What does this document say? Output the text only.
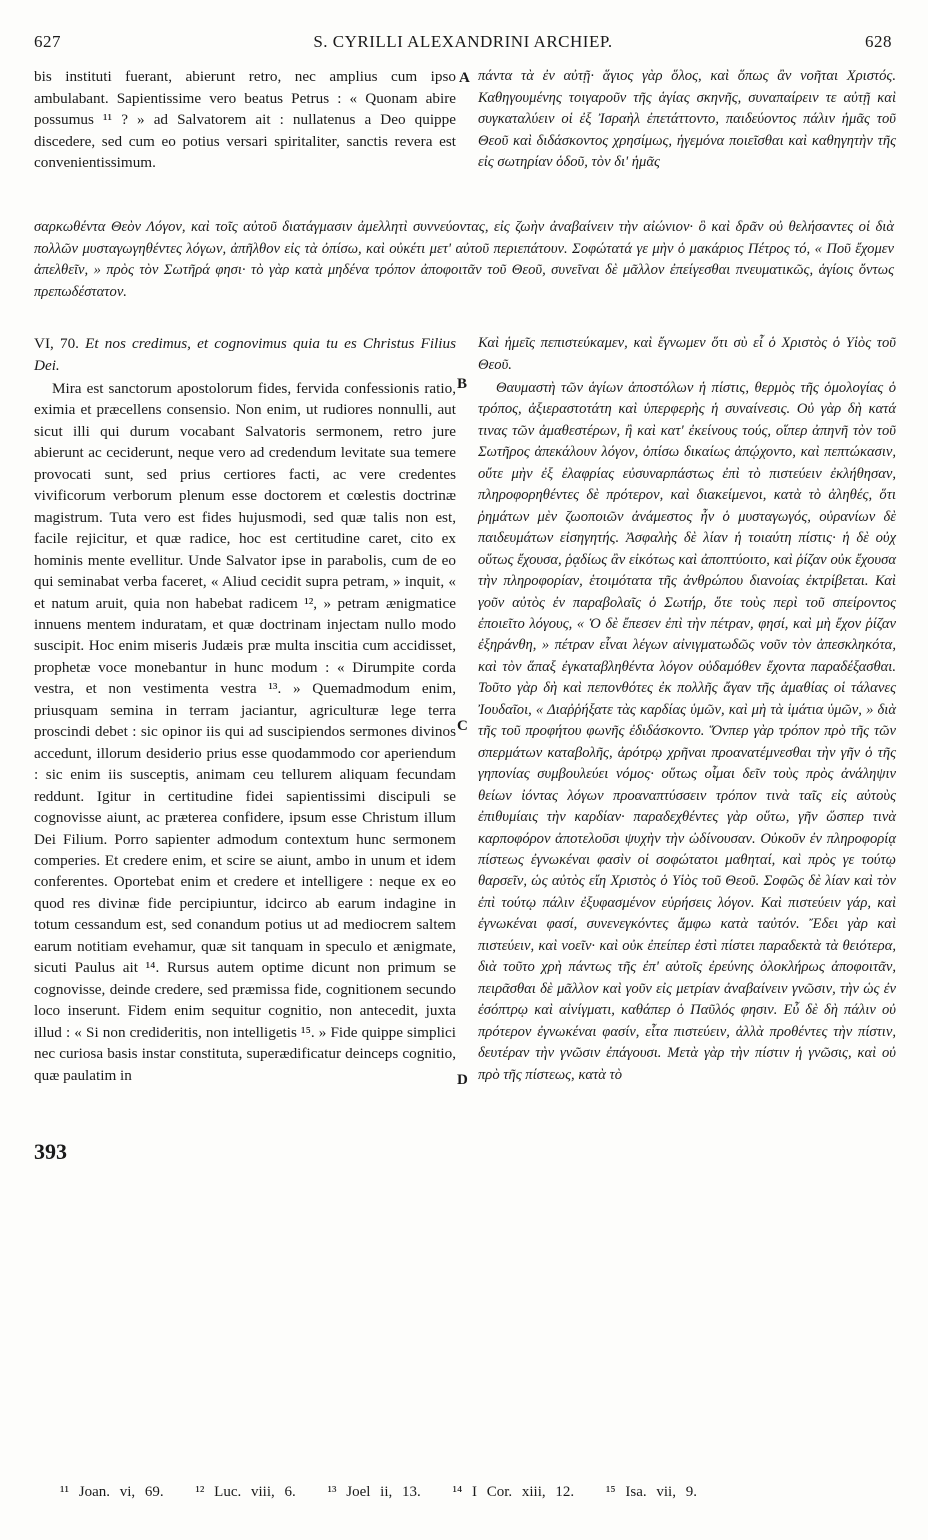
627	S. CYRILLI ALEXANDRINI ARCHIEP.	628

bis instituti fuerant, abierunt retro, nec amplius cum ipso ambulabant. Sapientissime vero beatus Petrus : « Quonam abire possumus ¹¹ ? » ad Salvatorem ait : nullatenus a Deo quippe discedere, sed cum eo potius versari spiritaliter, sanctis revera est convenientissimum.

A πάντα τὰ ἐν αὐτῇ· ἅγιος γὰρ ὅλος, καὶ ὅπως ἂν νοῆται Χριστός. Καθηγουμένης τοιγαροῦν τῆς ἁγίας σκηνῆς, συναπαίρειν τε αὐτῇ καὶ συγκαταλύειν οἱ ἐξ Ἰσραὴλ ἐπετάττοντο, παιδεύοντος πάλιν ἡμᾶς τοῦ Θεοῦ καὶ διδάσκοντος χρησίμως, ἡγεμόνα ποιεῖσθαι καὶ καθηγητὴν τῆς εἰς σωτηρίαν ὁδοῦ, τὸν δι' ἡμᾶς

σαρκωθέντα Θεὸν Λόγον, καὶ τοῖς αὐτοῦ διατάγμασιν ἀμελλητὶ συννεύοντας, εἰς ζωὴν ἀναβαίνειν τὴν αἰώνιον· ὃ καὶ δρᾶν οὐ θελήσαντες οἱ διὰ πολλῶν μυσταγωγηθέντες λόγων, ἀπῆλθον εἰς τὰ ὀπίσω, καὶ οὐκέτι μετ' αὐτοῦ περιεπάτουν. Σοφώτατά γε μὴν ὁ μακάριος Πέτρος τό, « Ποῦ ἔχομεν ἀπελθεῖν, » πρὸς τὸν Σωτῆρά φησι· τὸ γὰρ κατὰ μηδένα τρόπον ἀποφοιτᾶν τοῦ Θεοῦ, συνεῖναι δὲ μᾶλλον ἐπείγεσθαι πνευματικῶς, ἁγίοις ὄντως πρεπωδέστατον.

VI, 70. Et nos credimus, et cognovimus quia tu es Christus Filius Dei.

Καὶ ἡμεῖς πεπιστεύκαμεν, καὶ ἔγνωμεν ὅτι σὺ εἶ ὁ Χριστὸς ὁ Υἱὸς τοῦ Θεοῦ.

B

Mira est sanctorum apostolorum fides, fervida confessionis ratio, eximia et præcellens consensio. Non enim, ut rudiores nonnulli, aut sicut illi qui durum vocabant Salvatoris sermonem, retro jure abierunt ac ceciderunt, neque vero ad credendum levitate sua temere provocati sunt, sed prius certiores facti, ac vere credentes vivificorum verborum plenum esse doctorem et cœlestis doctrinæ magistrum. Tuta vero est fides hujusmodi, sed quæ talis non est, facile rejicitur, et quæ radice, hoc est certitudine caret, cito ex hominis mente evellitur. Unde Salvator ipse in parabolis, cum de eo qui seminabat verba faceret, « Aliud cecidit supra petram, » inquit, « et natum aruit, quia non habebat radicem ¹², » petram ænigmatice innuens mentem induratam, et quæ doctrinam injectam nullo modo suscipit. Hoc enim miseris Judæis præ multa inscitia cum accidisset, prophetæ voce monebantur in hunc modum : « Dirumpite corda vestra, et non vestimenta vestra ¹³. » Quemadmodum enim, priusquam semina in terram jaciantur, agriculturæ lege terra proscindi debet : sic opinor iis qui ad suscipiendos sermones divinos accedunt, illorum desiderio prius esse quodammodo cor aperiendum : sic enim iis susceptis, animam ceu tellurem aliquam fecundam reddunt. Igitur in certitudine fidei sapientissimi discipuli se cognovisse aiunt, ac præterea confidere, ipsum esse Christum illum Dei Filium. Porro sapienter admodum contextum hunc sermonem comperies. Et credere enim, et scire se aiunt, ambo in unum et idem conferentes. Oportebat enim et credere et intelligere : neque ex eo quod res divinæ fide percipiuntur, idcirco ab earum indagine in totum cessandum est, sed conandum potius ut ad mediocrem saltem earum notitiam evehamur, quæ sit tanquam in speculo et ænigmate, sicuti Paulus ait ¹⁴. Rursus autem optime dicunt non primum se cognovisse, deinde credere, sed præmissa fide, cognitionem secundo loco inserunt. Fidem enim sequitur cognitio, non antecedit, juxta illud : « Si non credideritis, non intelligetis ¹⁵. » Fide quippe simplici nec curiosa basis instar constituta, superædificatur deinceps cognitio, quæ paulatim in

Θαυμαστὴ τῶν ἁγίων ἀποστόλων ἡ πίστις, θερμὸς τῆς ὁμολογίας ὁ τρόπος, ἀξιεραστοτάτη καὶ ὑπερφερὴς ἡ συναίνεσις. Οὐ γὰρ δὴ κατά τινας τῶν ἀμαθεστέρων, ἢ καὶ κατ' ἐκείνους τούς, οἵπερ ἀπηνῆ τὸν τοῦ Σωτῆρος ἀπεκάλουν λόγον, ὀπίσω δικαίως ἀπῴχοντο, καὶ πεπτώκασιν, οὔτε μὴν ἐξ ἐλαφρίας εὐσυναρπάστως ἐπὶ τὸ πιστεύειν ἐκλήθησαν, πληροφορηθέντες δὲ πρότερον, καὶ διακείμενοι, κατὰ τὸ ἀληθές, ὅτι ῥημάτων μὲν ζωοποιῶν ἀνάμεστος ἦν ὁ μυσταγωγός, οὐρανίων δὲ παιδευμάτων εἰσηγητής. Ἀσφαλὴς δὲ λίαν ἡ τοιαύτη πίστις· ἡ δὲ οὐχ οὕτως ἔχουσα, ῥᾳδίως ἂν εἰκότως καὶ ἀποπτύοιτο, καὶ ῥίζαν οὐκ ἔχουσα τὴν πληροφορίαν, ἑτοιμότατα τῆς ἀνθρώπου διανοίας ἐκτρίβεται. Καὶ γοῦν αὐτὸς ἐν παραβολαῖς ὁ Σωτήρ, ὅτε τοὺς περὶ τοῦ σπείροντος ἐποιεῖτο λόγους, « Ὁ δὲ ἔπεσεν ἐπὶ τὴν πέτραν, φησί, καὶ μὴ ἔχον ῥίζαν ἐξηράνθη, » πέτραν εἶναι λέγων αἰνιγματωδῶς νοῦν τὸν ἀπεσκληκότα, καὶ τὸν ἅπαξ ἐγκαταβληθέντα λόγον οὐδαμόθεν ἔχοντα παραδέξασθαι. Τοῦτο γὰρ δὴ καὶ πεπονθότες ἐκ πολλῆς ἄγαν τῆς ἀμαθίας οἱ τάλανες Ἰουδαῖοι, « Διαῤῥήξατε τὰς καρδίας ὑμῶν, καὶ μὴ τὰ ἱμάτια ὑμῶν, » διὰ τῆς τοῦ προφήτου φωνῆς ἐδιδάσκοντο. Ὅνπερ γὰρ τρόπον πρὸ τῆς τῶν σπερμάτων καταβολῆς, ἀρότρῳ χρῆναι προανατέμνεσθαι τὴν γῆν ὁ τῆς γηπονίας συμβουλεύει νόμος· οὕτως οἶμαι δεῖν τοὺς πρὸς ἀνάληψιν θείων ἰόντας λόγων προαναπτύσσειν τρόπον τινὰ ταῖς εἰς αὐτοὺς ἐπιθυμίαις τὴν καρδίαν· παραδεχθέντες γὰρ οὕτω, γῆν ὥσπερ τινὰ καρποφόρον ἀποτελοῦσι ψυχὴν τὴν ὠδίνουσαν. Οὐκοῦν ἐν πληροφορίᾳ πίστεως ἐγνωκέναι φασὶν οἱ σοφώτατοι μαθηταί, καὶ πρὸς γε τούτῳ θαρσεῖν, ὡς αὐτὸς εἴη Χριστὸς ὁ Υἱὸς τοῦ Θεοῦ. Σοφῶς δὲ λίαν καὶ τὸν ἐπὶ τούτῳ πάλιν ἐξυφασμένον εὑρήσεις λόγον. Καὶ πιστεύειν γάρ, καὶ ἐγνωκέναι φασί, συνενεγκόντες ἄμφω κατὰ ταὐτόν. Ἔδει γὰρ καὶ πιστεύειν, καὶ νοεῖν· καὶ οὐκ ἐπείπερ ἐστὶ πίστει παραδεκτὰ τὰ θειότερα, διὰ τοῦτο χρὴ πάντως τῆς ἐπ' αὐτοῖς ἐρεύνης ὁλοκλήρως ἀποφοιτᾶν, πειρᾶσθαι δὲ μᾶλλον καὶ γοῦν εἰς μετρίαν ἀναβαίνειν γνῶσιν, τὴν ὡς ἐν ἐσόπτρῳ καὶ αἰνίγματι, καθάπερ ὁ Παῦλός φησιν. Εὖ δὲ δὴ πάλιν οὐ πρότερον ἐγνωκέναι φασίν, εἶτα πιστεύειν, ἀλλὰ προθέντες τὴν πίστιν, δευτέραν τὴν γνῶσιν ἐπάγουσι. Μετὰ γὰρ τὴν πίστιν ἡ γνῶσις, καὶ οὐ πρὸ τῆς πίστεως, κατὰ τὸ

C
D
393
¹¹ Joan. vi, 69. ¹² Luc. viii, 6. ¹³ Joel ii, 13. ¹⁴ I Cor. xiii, 12. ¹⁵ Isa. vii, 9.
